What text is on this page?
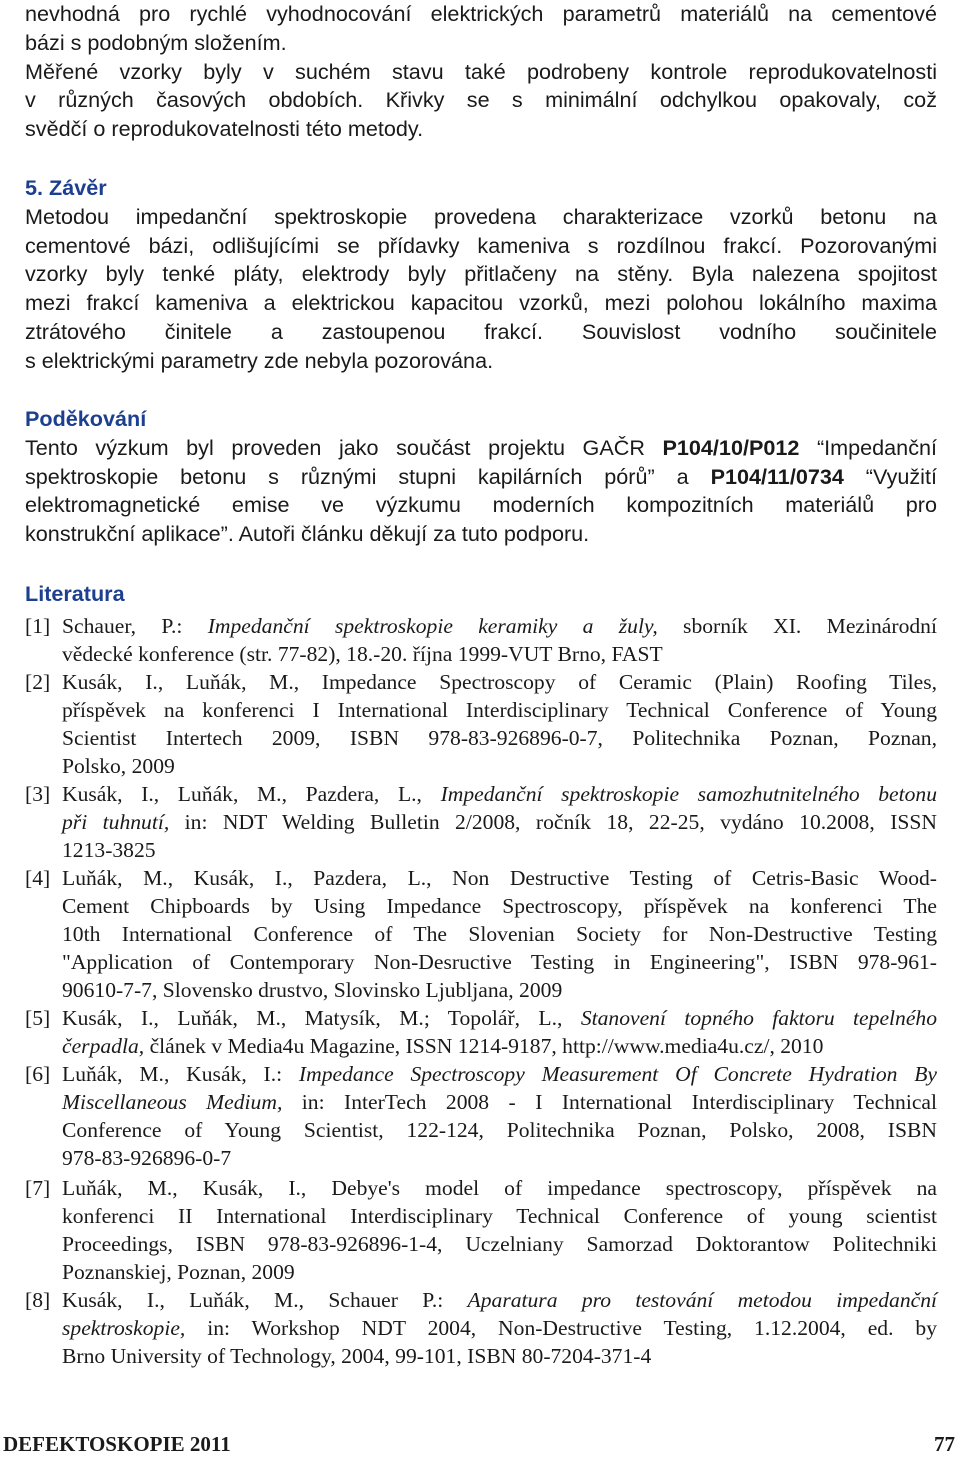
nevhodná pro rychlé vyhodnocování elektrických parametrů materiálů na cementové
bázi s podobným složením.
Měřené vzorky byly v suchém stavu také podrobeny kontrole reprodukovatelnosti
v různých časových obdobích. Křivky se s minimální odchylkou opakovaly, což
svědčí o reprodukovatelnosti této metody.
5. Závěr
Metodou impedanční spektroskopie provedena charakterizace vzorků betonu na
cementové bázi, odlišujícími se přídavky kameniva s rozdílnou frakcí. Pozorovanými
vzorky byly tenké pláty, elektrody byly přitlačeny na stěny. Byla nalezena spojitost
mezi frakcí kameniva a elektrickou kapacitou vzorků, mezi polohou lokálního maxima
ztrátového činitele a zastoupenou frakcí. Souvislost vodního součinitele
s elektrickými parametry zde nebyla pozorována.
Poděkování
Tento výzkum byl proveden jako součást projektu GAČR P104/10/P012 “Impedanční
spektroskopie betonu s různými stupni kapilárních pórů” a P104/11/0734 “Využití
elektromagnetické emise ve výzkumu moderních kompozitních materiálů pro
konstrukční aplikace”. Autoři článku děkují za tuto podporu.
Literatura
[1] Schauer, P.: Impedanční spektroskopie keramiky a žuly, sborník XI. Mezinárodní
vědecké konference (str. 77-82), 18.-20. října 1999-VUT Brno, FAST
[2] Kusák, I., Luňák, M., Impedance Spectroscopy of Ceramic (Plain) Roofing Tiles,
příspěvek na konferenci I International Interdisciplinary Technical Conference of Young
Scientist Intertech 2009, ISBN 978-83-926896-0-7, Politechnika Poznan, Poznan,
Polsko, 2009
[3] Kusák, I., Luňák, M., Pazdera, L., Impedanční spektroskopie samozhutnitelného betonu
při tuhnutí, in: NDT Welding Bulletin 2/2008, ročník 18, 22-25, vydáno 10.2008, ISSN
1213-3825
[4] Luňák, M., Kusák, I., Pazdera, L., Non Destructive Testing of Cetris-Basic Wood-
Cement Chipboards by Using Impedance Spectroscopy, příspěvek na konferenci The
10th International Conference of The Slovenian Society for Non-Destructive Testing
"Application of Contemporary Non-Desructive Testing in Engineering", ISBN 978-961-
90610-7-7, Slovensko drustvo, Slovinsko Ljubljana, 2009
[5] Kusák, I., Luňák, M., Matysík, M.; Topolář, L., Stanovení topného faktoru tepelného
čerpadla, článek v Media4u Magazine, ISSN 1214-9187, http://www.media4u.cz/, 2010
[6] Luňák, M., Kusák, I.: Impedance Spectroscopy Measurement Of Concrete Hydration By
Miscellaneous Medium, in: InterTech 2008 - I International Interdisciplinary Technical
Conference of Young Scientist, 122-124, Politechnika Poznan, Polsko, 2008, ISBN
978-83-926896-0-7
[7] Luňák, M., Kusák, I., Debye's model of impedance spectroscopy, příspěvek na
konferenci II International Interdisciplinary Technical Conference of young scientist
Proceedings, ISBN 978-83-926896-1-4, Uczelniany Samorzad Doktorantow Politechniki
Poznanskiej, Poznan, 2009
[8] Kusák, I., Luňák, M., Schauer P.: Aparatura pro testování metodou impedanční
spektroskopie, in: Workshop NDT 2004, Non-Destructive Testing, 1.12.2004, ed. by
Brno University of Technology, 2004, 99-101, ISBN 80-7204-371-4
DEFEKTOSKOPIE 2011	77
